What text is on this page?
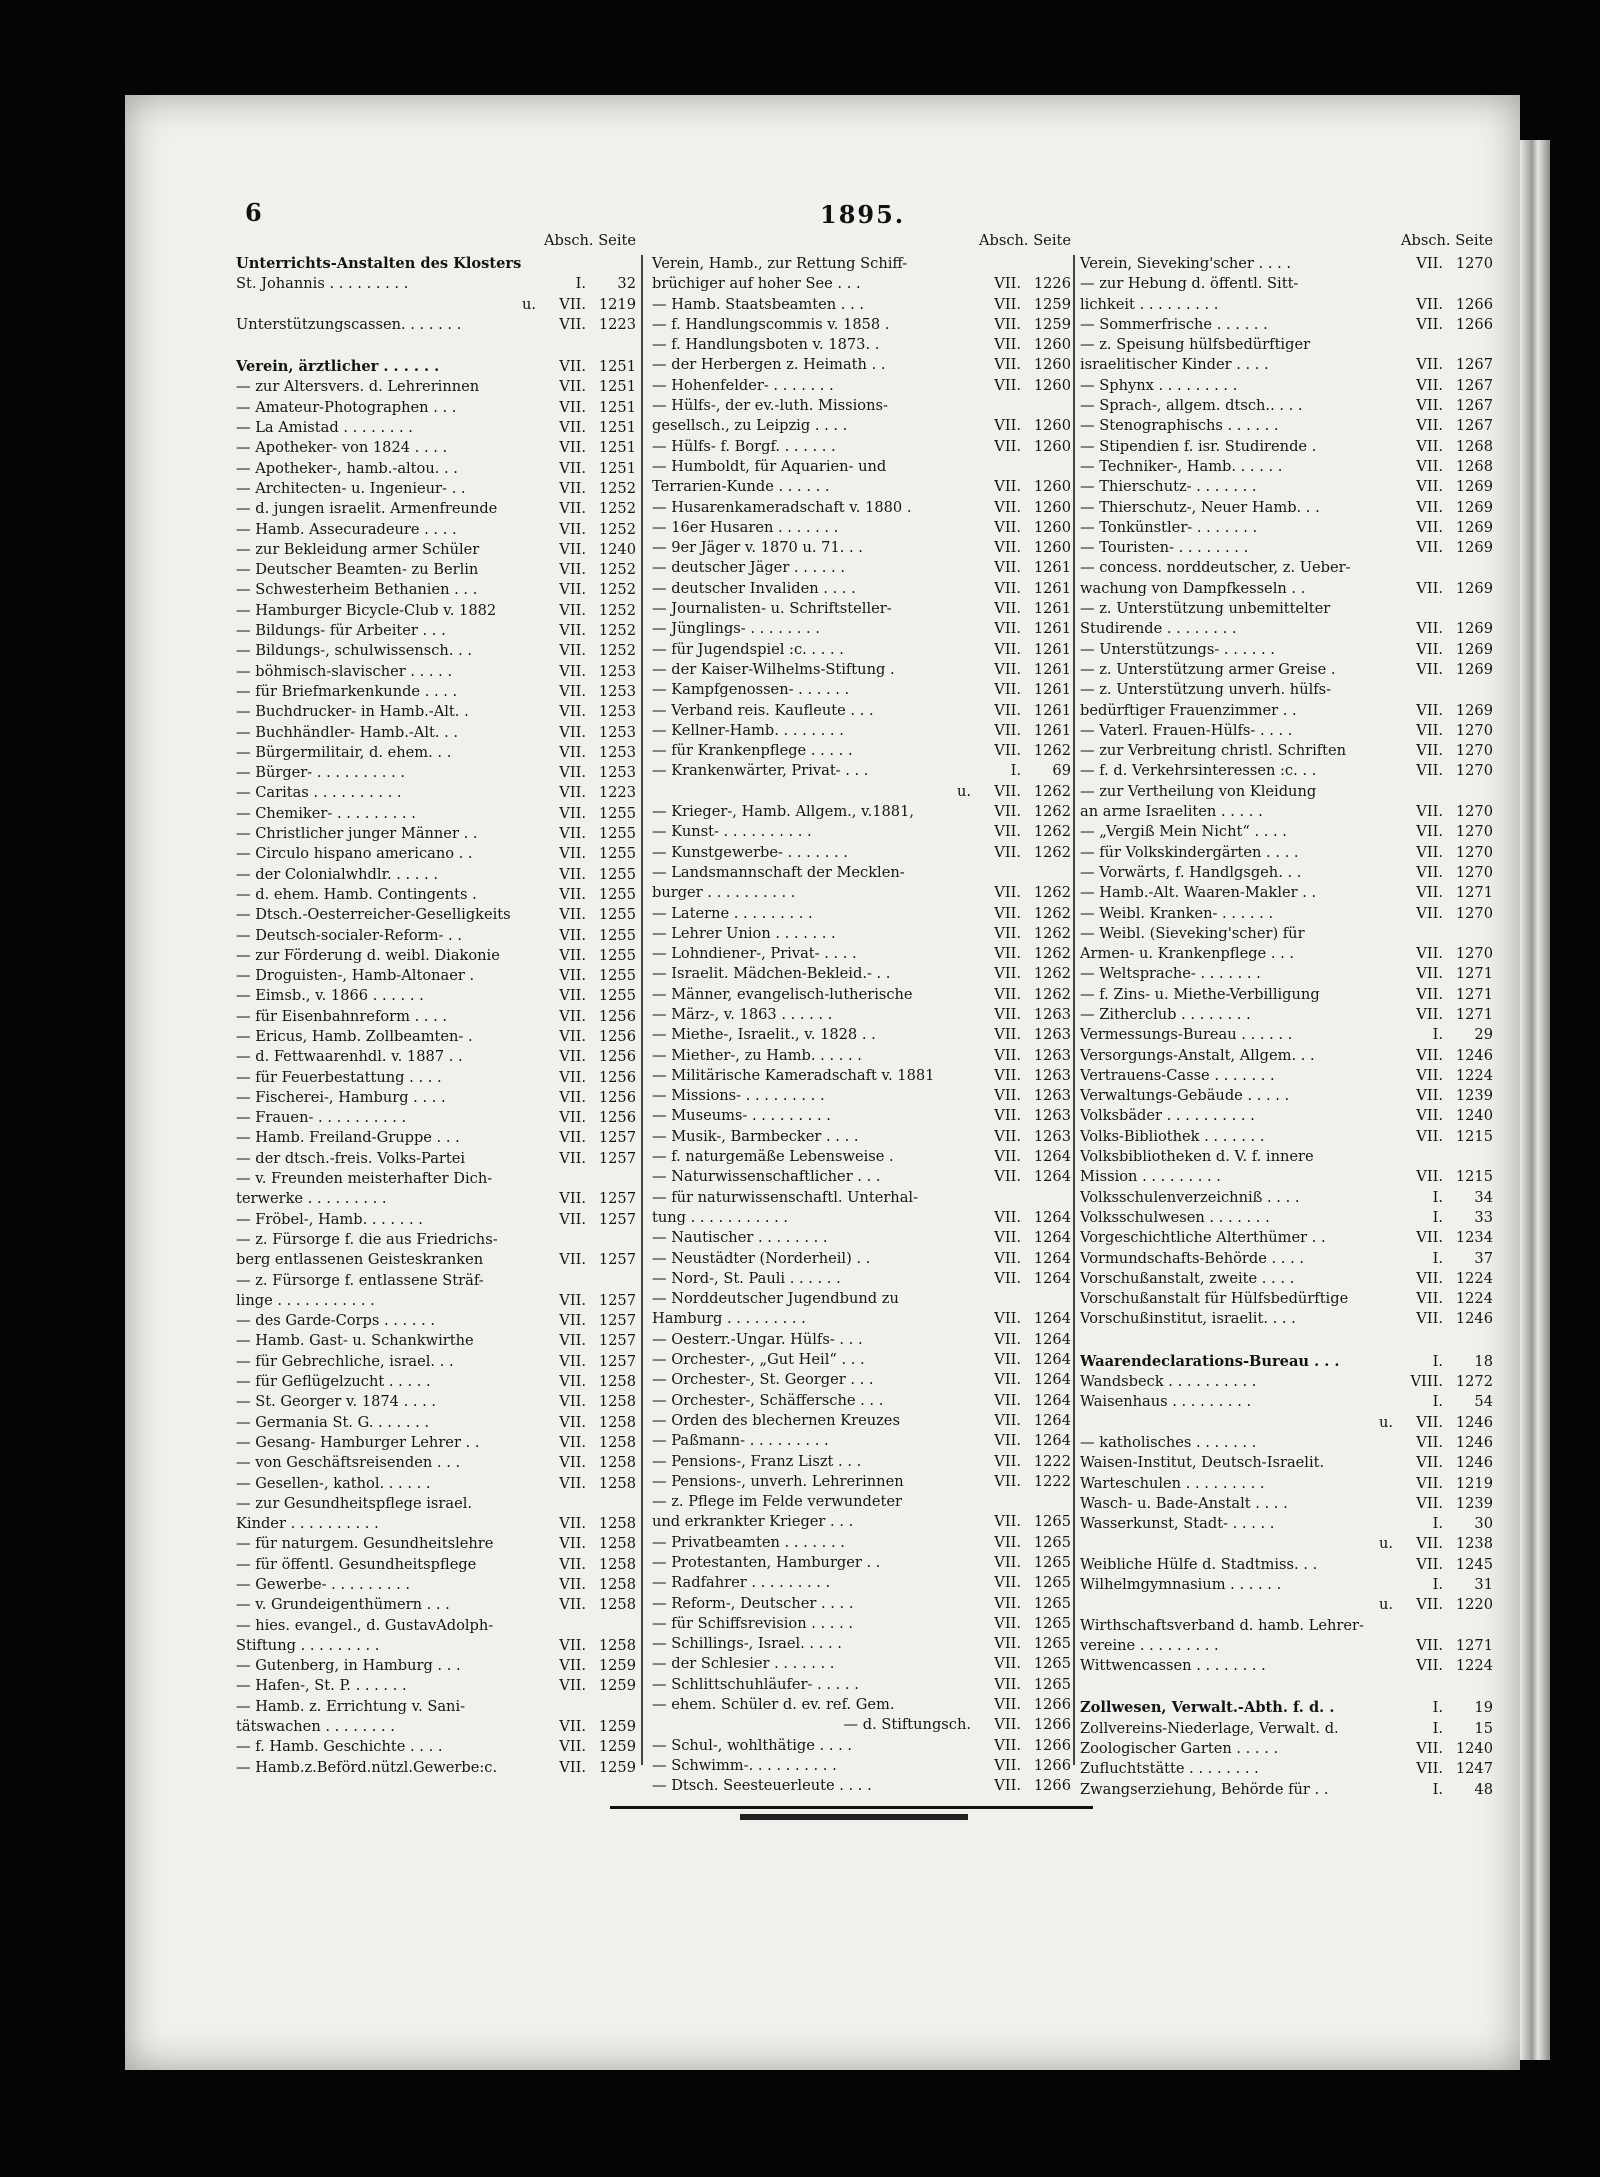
6	1895.
Absch. Seite
Unterrichts-Anstalten des Klosters
St. Johannis . . . . . . . . .	I.	32
u.	VII. 1219
Unterstützungscassen. . . . . . .	VII. 1223
Verein, ärztlicher . . . . . .	VII. 1251
— zur Altersvers. d. Lehrerinnen	VII. 1251
— Amateur-Photographen . . .	VII. 1251
— La Amistad . . . . . . . .	VII. 1251
— Apotheker- von 1824 . . . .	VII. 1251
— Apotheker-, hamb.-altou. . .	VII. 1251
— Architecten- u. Ingenieur- . .	VII. 1252
— d. jungen israelit. Armenfreunde	VII. 1252
— Hamb. Assecuradeure . . . .	VII. 1252
— zur Bekleidung armer Schüler	VII. 1240
— Deutscher Beamten- zu Berlin	VII. 1252
— Schwesterheim Bethanien . . .	VII. 1252
— Hamburger Bicycle-Club v. 1882	VII. 1252
— Bildungs- für Arbeiter . . .	VII. 1252
— Bildungs-, schulwissensch. . .	VII. 1252
— böhmisch-slavischer . . . . .	VII. 1253
— für Briefmarkenkunde . . . .	VII. 1253
— Buchdrucker- in Hamb.-Alt. .	VII. 1253
— Buchhändler- Hamb.-Alt. . .	VII. 1253
— Bürgermilitair, d. ehem. . .	VII. 1253
— Bürger- . . . . . . . . . .	VII. 1253
— Caritas . . . . . . . . . .	VII. 1223
— Chemiker- . . . . . . . . .	VII. 1255
— Christlicher junger Männer . .	VII. 1255
— Circulo hispano americano . .	VII. 1255
— der Colonialwhdlr. . . . . .	VII. 1255
— d. ehem. Hamb. Contingents .	VII. 1255
— Dtsch.-Oesterreicher-Geselligkeits	VII. 1255
— Deutsch-socialer-Reform- . .	VII. 1255
— zur Förderung d. weibl. Diakonie	VII. 1255
— Droguisten-, Hamb-Altonaer .	VII. 1255
— Eimsb., v. 1866 . . . . . .	VII. 1255
— für Eisenbahnreform . . . .	VII. 1256
— Ericus, Hamb. Zollbeamten- .	VII. 1256
— d. Fettwaarenhdl. v. 1887 . .	VII. 1256
— für Feuerbestattung . . . .	VII. 1256
— Fischerei-, Hamburg . . . .	VII. 1256
— Frauen- . . . . . . . . . .	VII. 1256
— Hamb. Freiland-Gruppe . . .	VII. 1257
— der dtsch.-freis. Volks-Partei	VII. 1257
— v. Freunden meisterhafter Dich-
terwerke . . . . . . . . .	VII. 1257
— Fröbel-, Hamb. . . . . . .	VII. 1257
— z. Fürsorge f. die aus Friedrichs-
berg entlassenen Geisteskranken	VII. 1257
— z. Fürsorge f. entlassene Sträf-
linge . . . . . . . . . . .	VII. 1257
— des Garde-Corps . . . . . .	VII. 1257
— Hamb. Gast- u. Schankwirthe	VII. 1257
— für Gebrechliche, israel. . .	VII. 1257
— für Geflügelzucht . . . . .	VII. 1258
— St. Georger v. 1874 . . . .	VII. 1258
— Germania St. G. . . . . . .	VII. 1258
— Gesang- Hamburger Lehrer . .	VII. 1258
— von Geschäftsreisenden . . .	VII. 1258
— Gesellen-, kathol. . . . . .	VII. 1258
— zur Gesundheitspflege israel.
Kinder . . . . . . . . . .	VII. 1258
— für naturgem. Gesundheitslehre	VII. 1258
— für öffentl. Gesundheitspflege	VII. 1258
— Gewerbe- . . . . . . . . .	VII. 1258
— v. Grundeigenthümern . . .	VII. 1258
— hies. evangel., d. GustavAdolph-
Stiftung . . . . . . . . .	VII. 1258
— Gutenberg, in Hamburg . . .	VII. 1259
— Hafen-, St. P. . . . . . .	VII. 1259
— Hamb. z. Errichtung v. Sani-
tätswachen . . . . . . . .	VII. 1259
— f. Hamb. Geschichte . . . .	VII. 1259
— Hamb.z.Beförd.nützl.Gewerbe:c.	VII. 1259
Absch. Seite
Verein, Hamb., zur Rettung Schiff-
brüchiger auf hoher See . . .	VII. 1226
— Hamb. Staatsbeamten . . .	VII. 1259
— f. Handlungscommis v. 1858 .	VII. 1259
— f. Handlungsboten v. 1873. .	VII. 1260
— der Herbergen z. Heimath . .	VII. 1260
— Hohenfelder- . . . . . . .	VII. 1260
— Hülfs-, der ev.-luth. Missions-
gesellsch., zu Leipzig . . . .	VII. 1260
— Hülfs- f. Borgf. . . . . . .	VII. 1260
— Humboldt, für Aquarien- und
Terrarien-Kunde . . . . . .	VII. 1260
— Husarenkameradschaft v. 1880 .	VII. 1260
— 16er Husaren . . . . . . .	VII. 1260
— 9er Jäger v. 1870 u. 71. . .	VII. 1260
— deutscher Jäger . . . . . .	VII. 1261
— deutscher Invaliden . . . .	VII. 1261
— Journalisten- u. Schriftsteller-	VII. 1261
— Jünglings- . . . . . . . .	VII. 1261
— für Jugendspiel :c. . . . .	VII. 1261
— der Kaiser-Wilhelms-Stiftung .	VII. 1261
— Kampfgenossen- . . . . . .	VII. 1261
— Verband reis. Kaufleute . . .	VII. 1261
— Kellner-Hamb. . . . . . . .	VII. 1261
— für Krankenpflege . . . . .	VII. 1262
— Krankenwärter, Privat- . . .	I.	69
u.	VII. 1262
— Krieger-, Hamb. Allgem., v.1881,	VII. 1262
— Kunst- . . . . . . . . . .	VII. 1262
— Kunstgewerbe- . . . . . . .	VII. 1262
— Landsmannschaft der Mecklen-
burger . . . . . . . . . .	VII. 1262
— Laterne . . . . . . . . .	VII. 1262
— Lehrer Union . . . . . . .	VII. 1262
— Lohndiener-, Privat- . . . .	VII. 1262
— Israelit. Mädchen-Bekleid.- . .	VII. 1262
— Männer, evangelisch-lutherische	VII. 1262
— März-, v. 1863 . . . . . .	VII. 1263
— Miethe-, Israelit., v. 1828 . .	VII. 1263
— Miether-, zu Hamb. . . . . .	VII. 1263
— Militärische Kameradschaft v. 1881	VII. 1263
— Missions- . . . . . . . . .	VII. 1263
— Museums- . . . . . . . . .	VII. 1263
— Musik-, Barmbecker . . . .	VII. 1263
— f. naturgemäße Lebensweise .	VII. 1264
— Naturwissenschaftlicher . . .	VII. 1264
— für naturwissenschaftl. Unterhal-
tung . . . . . . . . . . .	VII. 1264
— Nautischer . . . . . . . .	VII. 1264
— Neustädter (Norderheil) . .	VII. 1264
— Nord-, St. Pauli . . . . . .	VII. 1264
— Norddeutscher Jugendbund zu
Hamburg . . . . . . . . .	VII. 1264
— Oesterr.-Ungar. Hülfs- . . .	VII. 1264
— Orchester-, „Gut Heil“ . . .	VII. 1264
— Orchester-, St. Georger . . .	VII. 1264
— Orchester-, Schäffersche . . .	VII. 1264
— Orden des blechernen Kreuzes	VII. 1264
— Paßmann- . . . . . . . . .	VII. 1264
— Pensions-, Franz Liszt . . .	VII. 1222
— Pensions-, unverh. Lehrerinnen	VII. 1222
— z. Pflege im Felde verwundeter
und erkrankter Krieger . . .	VII. 1265
— Privatbeamten . . . . . . .	VII. 1265
— Protestanten, Hamburger . .	VII. 1265
— Radfahrer . . . . . . . . .	VII. 1265
— Reform-, Deutscher . . . .	VII. 1265
— für Schiffsrevision . . . . .	VII. 1265
— Schillings-, Israel. . . . .	VII. 1265
— der Schlesier . . . . . . .	VII. 1265
— Schlittschuhläufer- . . . . .	VII. 1265
— ehem. Schüler d. ev. ref. Gem.	VII. 1266
— d. Stiftungsch.	VII. 1266
— Schul-, wohlthätige . . . .	VII. 1266
— Schwimm-. . . . . . . . . .	VII. 1266
— Dtsch. Seesteuerleute . . . .	VII. 1266
Absch. Seite
Verein, Sieveking'scher . . . .	VII. 1270
— zur Hebung d. öffentl. Sitt-
lichkeit . . . . . . . . .	VII. 1266
— Sommerfrische . . . . . .	VII. 1266
— z. Speisung hülfsbedürftiger
israelitischer Kinder . . . .	VII. 1267
— Sphynx . . . . . . . . .	VII. 1267
— Sprach-, allgem. dtsch.. . . .	VII. 1267
— Stenographischs . . . . . .	VII. 1267
— Stipendien f. isr. Studirende .	VII. 1268
— Techniker-, Hamb. . . . . .	VII. 1268
— Thierschutz- . . . . . . .	VII. 1269
— Thierschutz-, Neuer Hamb. . .	VII. 1269
— Tonkünstler- . . . . . . .	VII. 1269
— Touristen- . . . . . . . .	VII. 1269
— concess. norddeutscher, z. Ueber-
wachung von Dampfkesseln . .	VII. 1269
— z. Unterstützung unbemittelter
Studirende . . . . . . . .	VII. 1269
— Unterstützungs- . . . . . .	VII. 1269
— z. Unterstützung armer Greise .	VII. 1269
— z. Unterstützung unverh. hülfs-
bedürftiger Frauenzimmer . .	VII. 1269
— Vaterl. Frauen-Hülfs- . . . .	VII. 1270
— zur Verbreitung christl. Schriften	VII. 1270
— f. d. Verkehrsinteressen :c. . .	VII. 1270
— zur Vertheilung von Kleidung
an arme Israeliten . . . . .	VII. 1270
— „Vergiß Mein Nicht“ . . . .	VII. 1270
— für Volkskindergärten . . . .	VII. 1270
— Vorwärts, f. Handlgsgeh. . .	VII. 1270
— Hamb.-Alt. Waaren-Makler . .	VII. 1271
— Weibl. Kranken- . . . . . .	VII. 1270
— Weibl. (Sieveking'scher) für
Armen- u. Krankenpflege . . .	VII. 1270
— Weltsprache- . . . . . . .	VII. 1271
— f. Zins- u. Miethe-Verbilligung	VII. 1271
— Zitherclub . . . . . . . .	VII. 1271
Vermessungs-Bureau . . . . . .	I.	29
Versorgungs-Anstalt, Allgem. . .	VII. 1246
Vertrauens-Casse . . . . . . .	VII. 1224
Verwaltungs-Gebäude . . . . .	VII. 1239
Volksbäder . . . . . . . . . .	VII. 1240
Volks-Bibliothek . . . . . . .	VII. 1215
Volksbibliotheken d. V. f. innere
Mission . . . . . . . . .	VII. 1215
Volksschulenverzeichniß . . . .	I.	34
Volksschulwesen . . . . . . .	I.	33
Vorgeschichtliche Alterthümer . .	VII. 1234
Vormundschafts-Behörde . . . .	I.	37
Vorschußanstalt, zweite . . . .	VII. 1224
Vorschußanstalt für Hülfsbedürftige	VII. 1224
Vorschußinstitut, israelit. . . .	VII. 1246
Waarendeclarations-Bureau . . .	I.	18
Wandsbeck . . . . . . . . . .	VIII. 1272
Waisenhaus . . . . . . . . .	I.	54
u.	VII. 1246
— katholisches . . . . . . .	VII. 1246
Waisen-Institut, Deutsch-Israelit.	VII. 1246
Warteschulen . . . . . . . . .	VII. 1219
Wasch- u. Bade-Anstalt . . . .	VII. 1239
Wasserkunst, Stadt- . . . . .	I.	30
u.	VII. 1238
Weibliche Hülfe d. Stadtmiss. . .	VII. 1245
Wilhelmgymnasium . . . . . .	I.	31
u.	VII. 1220
Wirthschaftsverband d. hamb. Lehrer-
vereine . . . . . . . . .	VII. 1271
Wittwencassen . . . . . . . .	VII. 1224
Zollwesen, Verwalt.-Abth. f. d. .	I.	19
Zollvereins-Niederlage, Verwalt. d.	I.	15
Zoologischer Garten . . . . .	VII. 1240
Zufluchtstätte . . . . . . . .	VII. 1247
Zwangserziehung, Behörde für . .	I.	48
